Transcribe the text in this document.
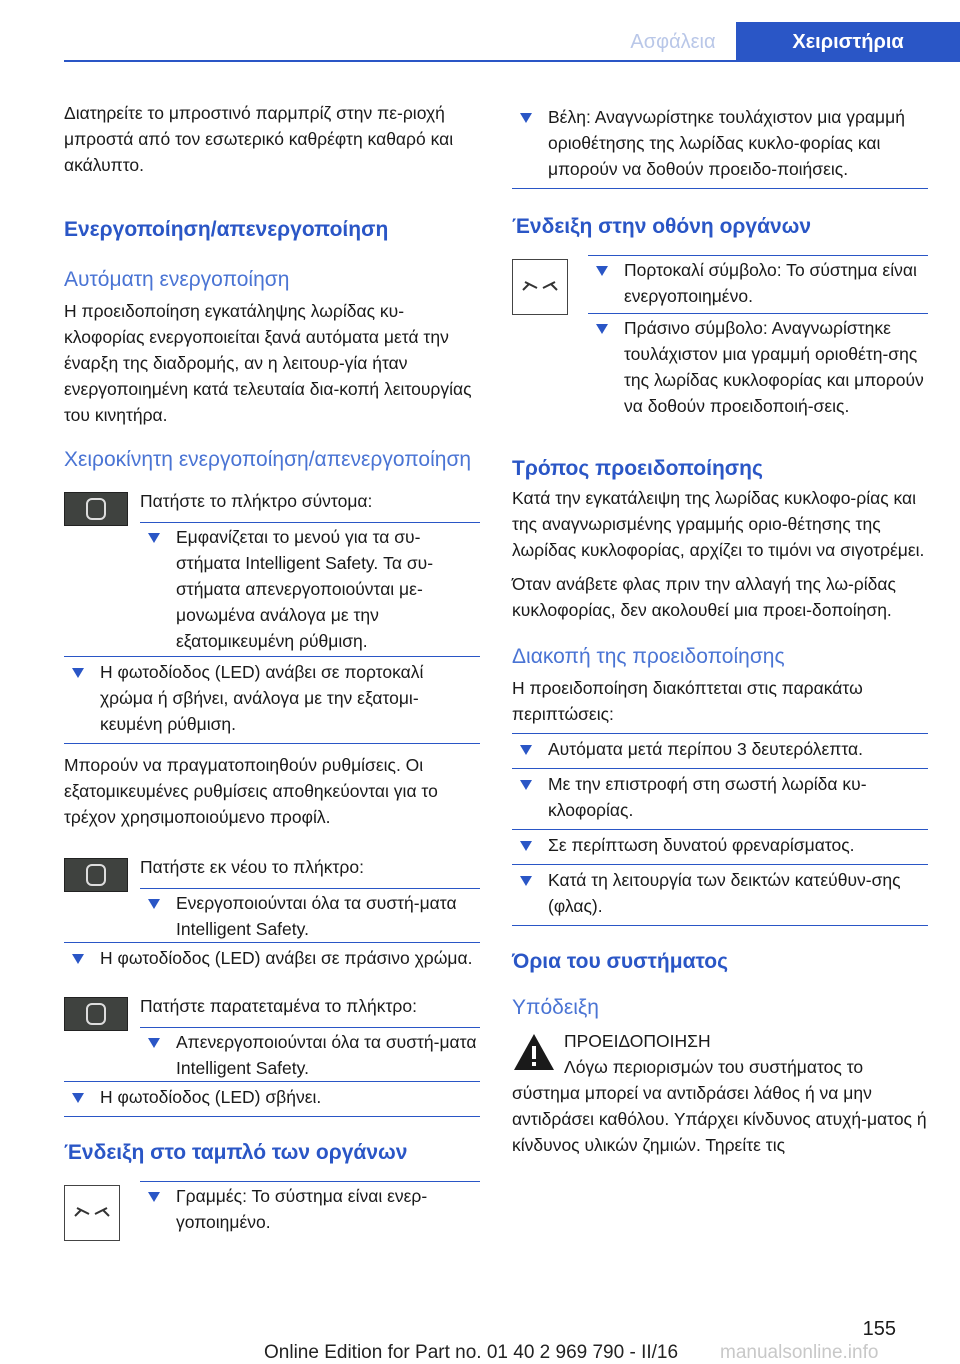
Ασφάλεια	Χειριστήρια

Διατηρείτε το μπροστινό παρμπρίζ στην πε‐ριοχή μπροστά από τον εσωτερικό καθρέφτη καθαρό και ακάλυπτο.

Ενεργοποίηση/απενεργοποίηση
Αυτόματη ενεργοποίηση

Η προειδοποίηση εγκατάληψης λωρίδας κυ‐κλοφορίας ενεργοποιείται ξανά αυτόματα μετά την έναρξη της διαδρομής, αν η λειτουρ‐γία ήταν ενεργοποιημένη κατά τελευταία δια‐κοπή λειτουργίας του κινητήρα.

Χειροκίνητη ενεργοποίηση/απενεργοποίηση

Πατήστε το πλήκτρο σύντομα:

Εμφανίζεται το μενού για τα συ‐στήματα Intelligent Safety. Τα συ‐στήματα απενεργοποιούνται με‐μονωμένα ανάλογα με την εξατομικευμένη ρύθμιση.
Η φωτοδίοδος (LED) ανάβει σε πορτοκαλί χρώμα ή σβήνει, ανάλογα με την εξατομι‐κευμένη ρύθμιση.

Μπορούν να πραγματοποιηθούν ρυθμίσεις. Οι εξατομικευμένες ρυθμίσεις αποθηκεύονται για το τρέχον χρησιμοποιούμενο προφίλ.

Πατήστε εκ νέου το πλήκτρο:

Ενεργοποιούνται όλα τα συστή‐ματα Intelligent Safety.
Η φωτοδίοδος (LED) ανάβει σε πράσινο χρώμα.

Πατήστε παρατεταμένα το πλήκτρο:

Απενεργοποιούνται όλα τα συστή‐ματα Intelligent Safety.
Η φωτοδίοδος (LED) σβήνει.
Ένδειξη στο ταμπλό των οργάνων
Γραμμές: Το σύστημα είναι ενερ‐γοποιημένο.
Βέλη: Αναγνωρίστηκε τουλάχιστον μια γραμμή οριοθέτησης της λωρίδας κυκλο‐φορίας και μπορούν να δοθούν προειδο‐ποιήσεις.
Ένδειξη στην οθόνη οργάνων
Πορτοκαλί σύμβολο: Το σύστημα είναι ενεργοποιημένο.
Πράσινο σύμβολο: Αναγνωρίστηκε τουλάχιστον μια γραμμή οριοθέτη‐σης της λωρίδας κυκλοφορίας και μπορούν να δοθούν προειδοποιή‐σεις.
Τρόπος προειδοποίησης

Κατά την εγκατάλειψη της λωρίδας κυκλοφο‐ρίας και της αναγνωρισμένης γραμμής οριο‐θέτησης της λωρίδας κυκλοφορίας, αρχίζει το τιμόνι να σιγοτρέμει.

Όταν ανάβετε φλας πριν την αλλαγή της λω‐ρίδας κυκλοφορίας, δεν ακολουθεί μια προει‐δοποίηση.

Διακοπή της προειδοποίησης

Η προειδοποίηση διακόπτεται στις παρακάτω περιπτώσεις:

Αυτόματα μετά περίπου 3 δευτερόλεπτα.
Με την επιστροφή στη σωστή λωρίδα κυ‐κλοφορίας.
Σε περίπτωση δυνατού φρεναρίσματος.
Κατά τη λειτουργία των δεικτών κατεύθυν‐σης (φλας).
Όρια του συστήματος
Υπόδειξη

ΠΡΟΕΙΔΟΠΟΙΗΣΗ

Λόγω περιορισμών του συστήματος το σύστημα μπορεί να αντιδράσει λάθος ή να μην αντιδράσει καθόλου. Υπάρχει κίνδυνος ατυχή‐ματος ή κίνδυνος υλικών ζημιών. Τηρείτε τις

155
Online Edition for Part no. 01 40 2 969 790 - II/16 manualsonline.info
